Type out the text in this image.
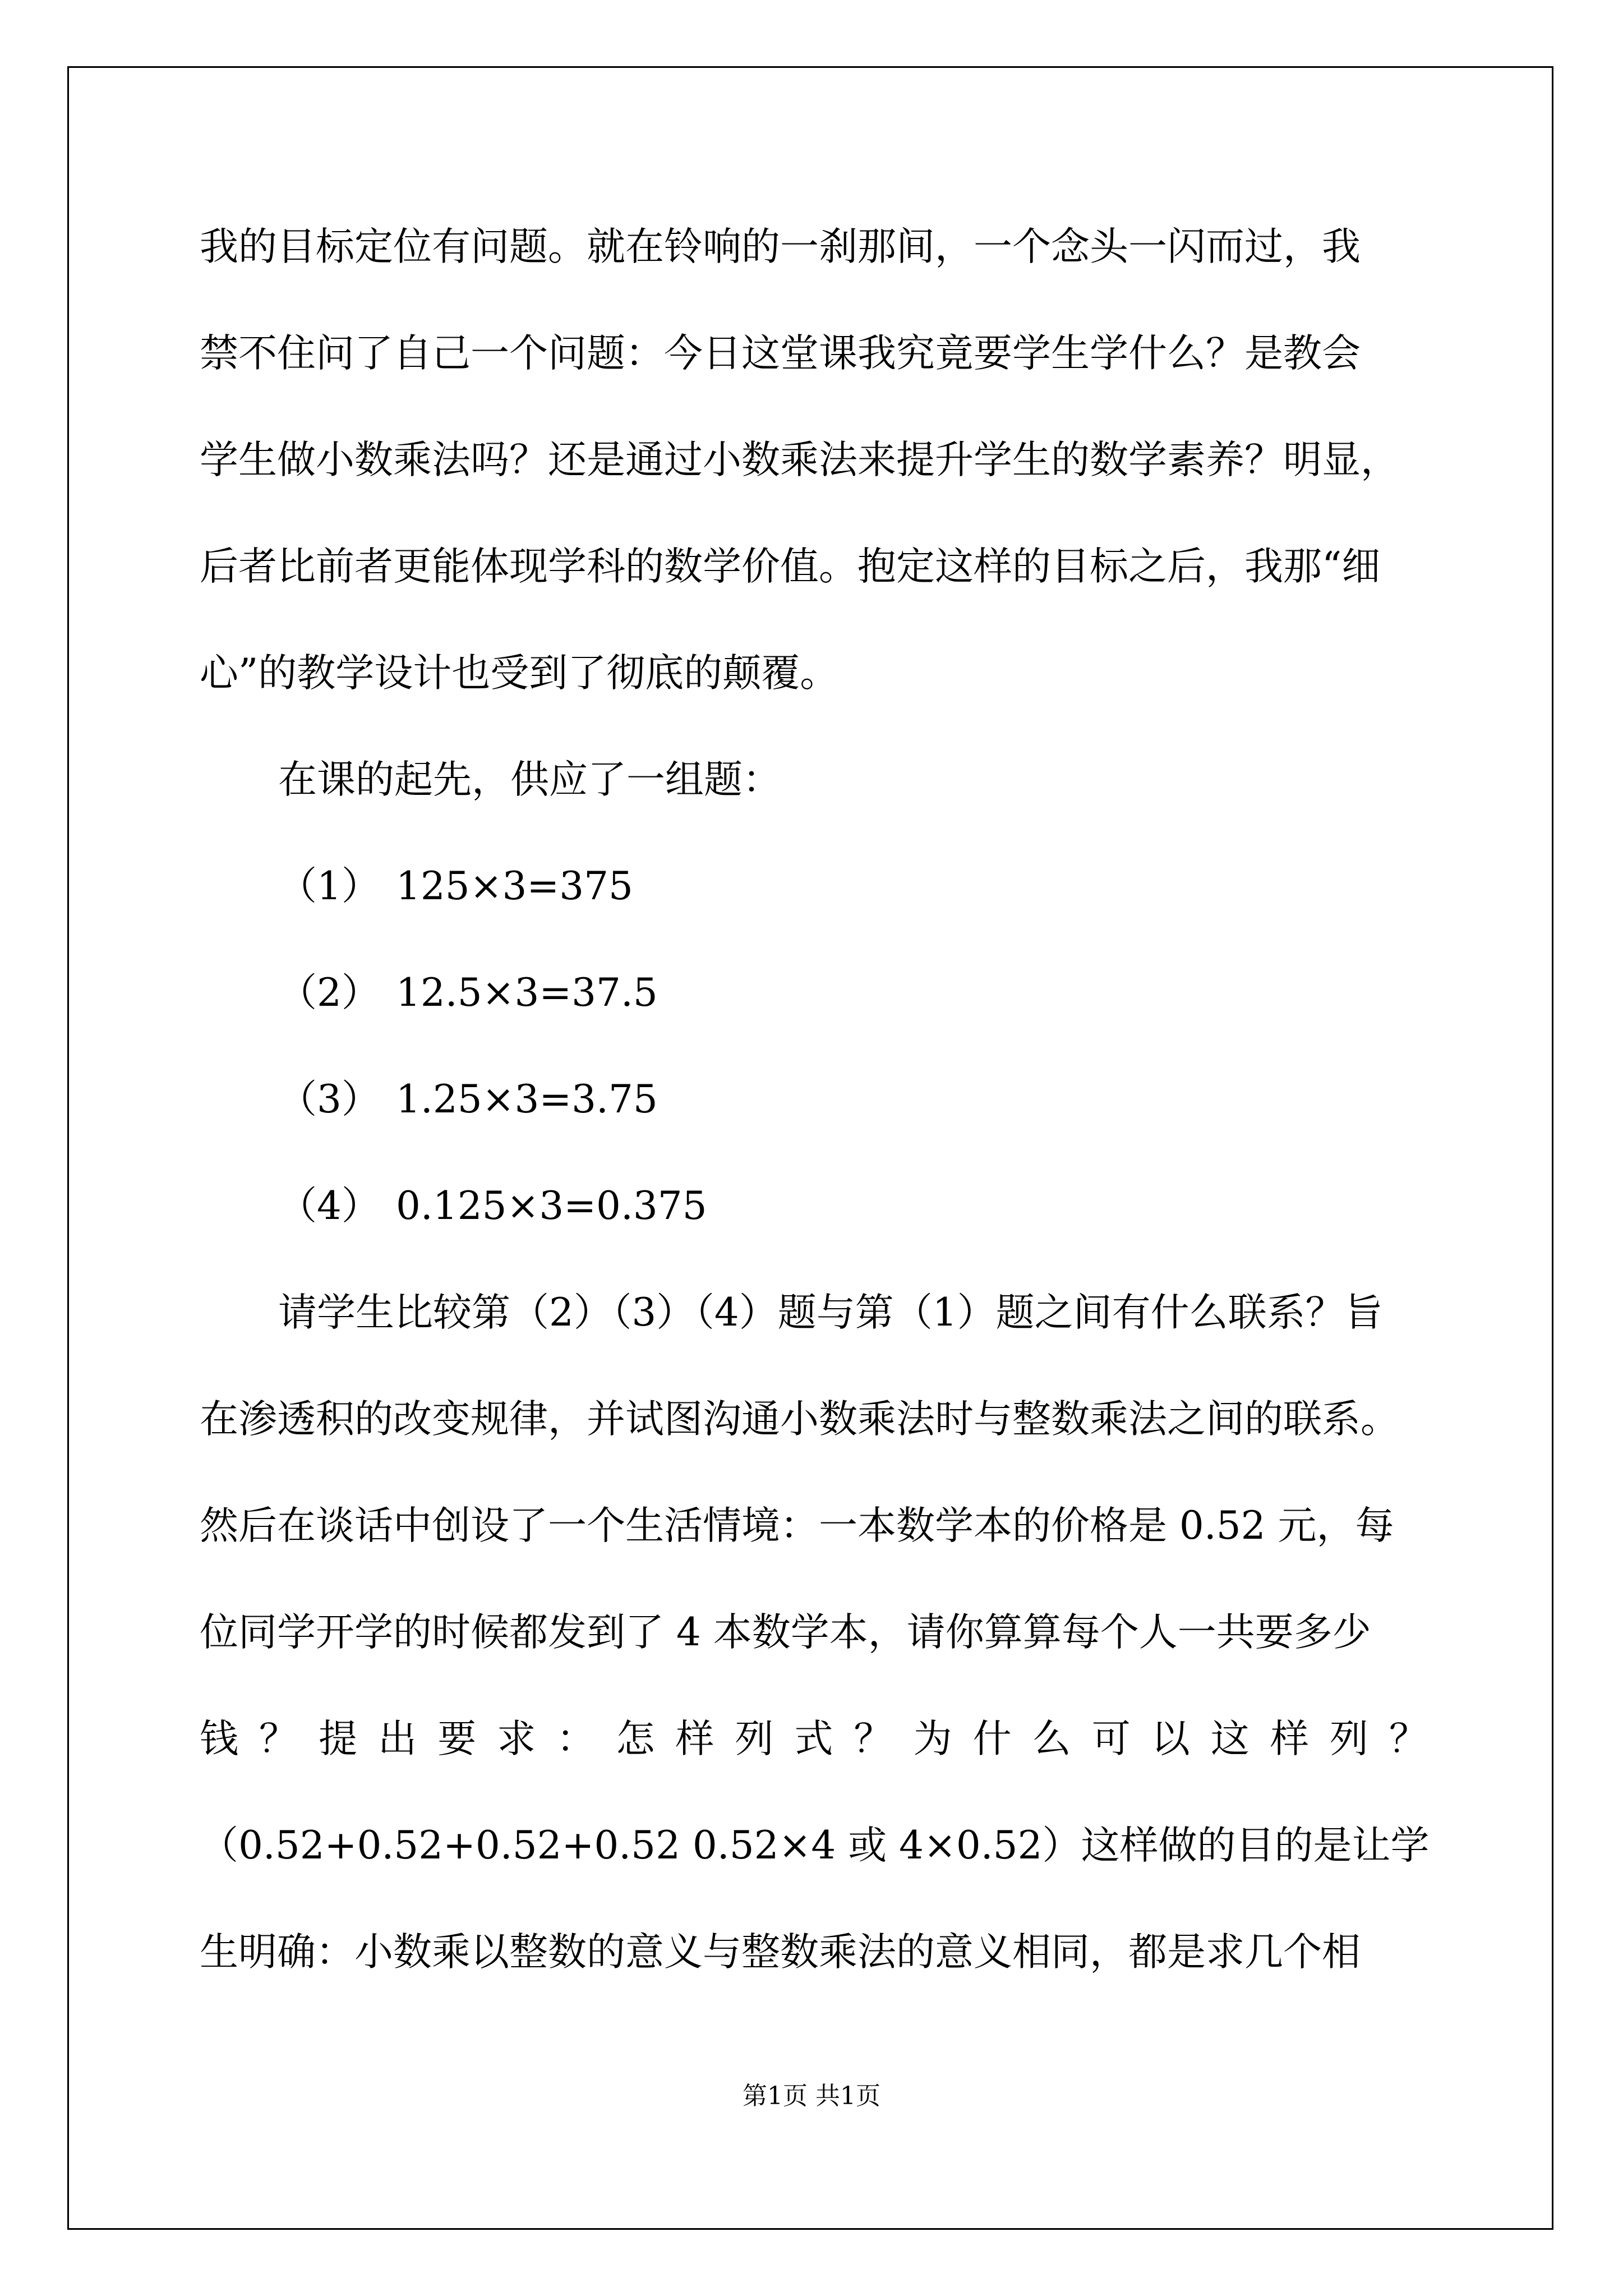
我的目标定位有问题。就在铃响的一刹那间，一个念头一闪而过，我
禁不住问了自己一个问题：今日这堂课我究竟要学生学什么？是教会
学生做小数乘法吗？还是通过小数乘法来提升学生的数学素养？明显，
后者比前者更能体现学科的数学价值。抱定这样的目标之后，我那“细
心”的教学设计也受到了彻底的颠覆。
在课的起先，供应了一组题：
（1） 125×3=375
（2） 12.5×3=37.5
（3） 1.25×3=3.75
（4） 0.125×3=0.375
请学生比较第（2）（3）（4）题与第（1）题之间有什么联系？旨
在渗透积的改变规律，并试图沟通小数乘法时与整数乘法之间的联系。
然后在谈话中创设了一个生活情境：一本数学本的价格是 0.52 元，每
位同学开学的时候都发到了 4 本数学本，请你算算每个人一共要多少
钱 ？ 提 出 要 求 ： 怎 样 列 式 ？ 为 什 么 可 以 这 样 列 ？
（0.52+0.52+0.52+0.52 0.52×4 或 4×0.52）这样做的目的是让学
生明确：小数乘以整数的意义与整数乘法的意义相同，都是求几个相
第1页 共1页
